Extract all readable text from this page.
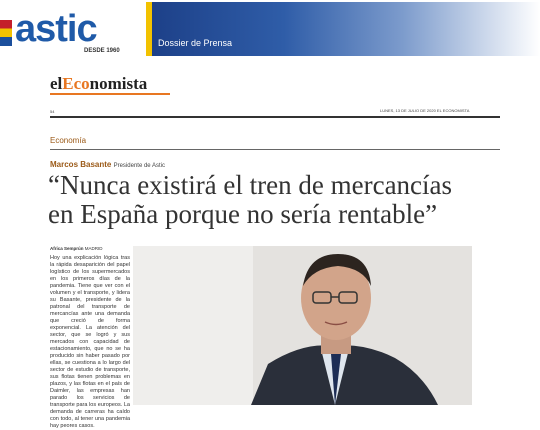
astic
DESDE 1960
Dossier de Prensa
elEconomista
54	LUNES, 13 DE JULIO DE 2020 EL ECONOMISTA
Economía
Marcos Basante Presidente de Astic
“Nunca existirá el tren de mercancías
en España porque no sería rentable”
Africa Semprún MADRID
Hoy una explicación lógica tras la rápida desaparición del papel logístico de los supermercados en los primeros días de la pandemia. Tiene que ver con el volumen y el transporte, y lidera su Basante, presidente de la patronal del transporte de mercancías ante una demanda que creció de forma exponencial. La atención del sector, que se logró y sus mercados con capacidad de estacionamiento, que no se ha producido sin haber pasado por ellas, se cuestiona a lo largo del sector de estudio de transporte, sus flotas tienen problemas en plazos, y las flotas en el país de Daimler, las empresas han parado los servicios de transporte para los europeos. La demanda de carreras ha caído con todo, al tener una pandemia hay peores casos.
